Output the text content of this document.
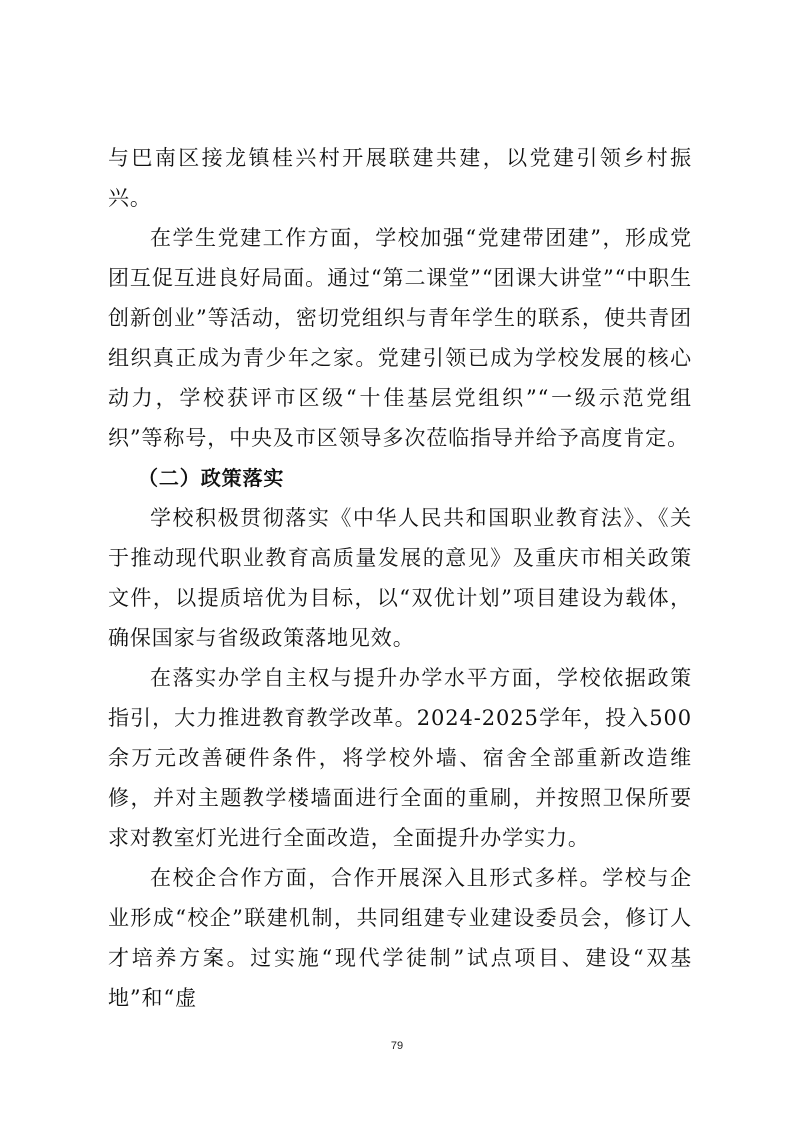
与巴南区接龙镇桂兴村开展联建共建，以党建引领乡村振兴。

在学生党建工作方面，学校加强“党建带团建”，形成党团互促互进良好局面。通过“第二课堂”“团课大讲堂”“中职生创新创业”等活动，密切党组织与青年学生的联系，使共青团组织真正成为青少年之家。党建引领已成为学校发展的核心动力，学校获评市区级“十佳基层党组织”“一级示范党组织”等称号，中央及市区领导多次莅临指导并给予高度肯定。

（二）政策落实

学校积极贯彻落实《中华人民共和国职业教育法》、《关于推动现代职业教育高质量发展的意见》及重庆市相关政策文件，以提质培优为目标，以“双优计划”项目建设为载体，确保国家与省级政策落地见效。

在落实办学自主权与提升办学水平方面，学校依据政策指引，大力推进教育教学改革。2024-2025学年，投入500余万元改善硬件条件，将学校外墙、宿舍全部重新改造维修，并对主题教学楼墙面进行全面的重刷，并按照卫保所要求对教室灯光进行全面改造，全面提升办学实力。

在校企合作方面，合作开展深入且形式多样。学校与企业形成“校企”联建机制，共同组建专业建设委员会，修订人才培养方案。过实施“现代学徒制”试点项目、建设“双基地”和“虚

79
